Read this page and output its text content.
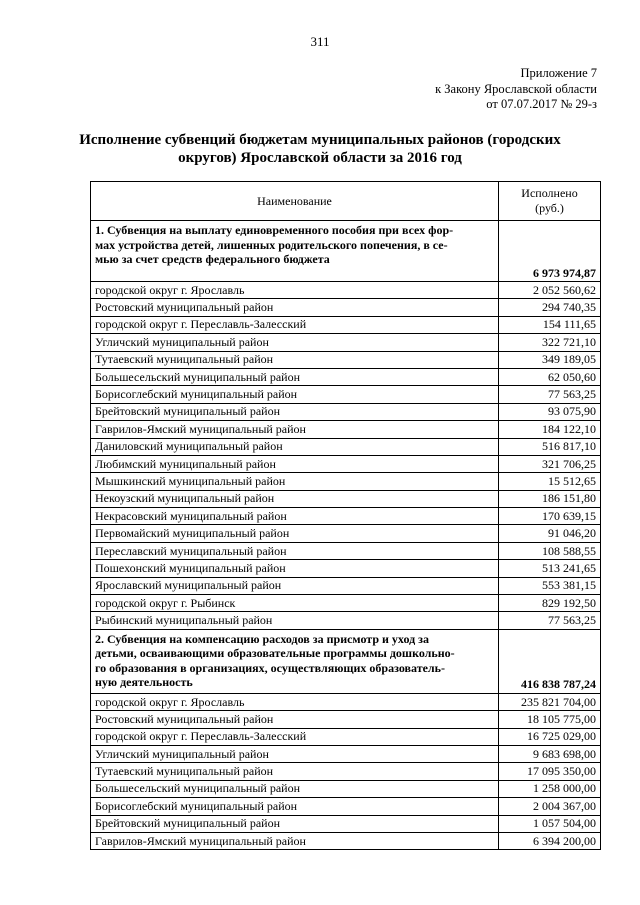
311
Приложение 7
к Закону Ярославской области
от 07.07.2017 № 29-з
Исполнение субвенций бюджетам муниципальных районов (городских
округов) Ярославской области за 2016 год
Наименование	Исполнено
(руб.)

1. Субвенция на выплату единовременного пособия при всех фор-
мах устройства детей, лишенных родительского попечения, в се-
мью за счет средств федерального бюджета	6 973 974,87
городской округ г. Ярославль	2 052 560,62
Ростовский муниципальный район	294 740,35
городской округ г. Переславль-Залесский	154 111,65
Угличский муниципальный район	322 721,10
Тутаевский муниципальный район	349 189,05
Большесельский муниципальный район	62 050,60
Борисоглебский муниципальный район	77 563,25
Брейтовский муниципальный район	93 075,90
Гаврилов-Ямский муниципальный район	184 122,10
Даниловский муниципальный район	516 817,10
Любимский муниципальный район	321 706,25
Мышкинский муниципальный район	15 512,65
Некоузский муниципальный район	186 151,80
Некрасовский муниципальный район	170 639,15
Первомайский муниципальный район	91 046,20
Переславский муниципальный район	108 588,55
Пошехонский муниципальный район	513 241,65
Ярославский муниципальный район	553 381,15
городской округ г. Рыбинск	829 192,50
Рыбинский муниципальный район	77 563,25

2. Субвенция на компенсацию расходов за присмотр и уход за
детьми, осваивающими образовательные программы дошкольно-
го образования в организациях, осуществляющих образователь-
ную деятельность	416 838 787,24
городской округ г. Ярославль	235 821 704,00
Ростовский муниципальный район	18 105 775,00
городской округ г. Переславль-Залесский	16 725 029,00
Угличский муниципальный район	9 683 698,00
Тутаевский муниципальный район	17 095 350,00
Большесельский муниципальный район	1 258 000,00
Борисоглебский муниципальный район	2 004 367,00
Брейтовский муниципальный район	1 057 504,00
Гаврилов-Ямский муниципальный район	6 394 200,00
